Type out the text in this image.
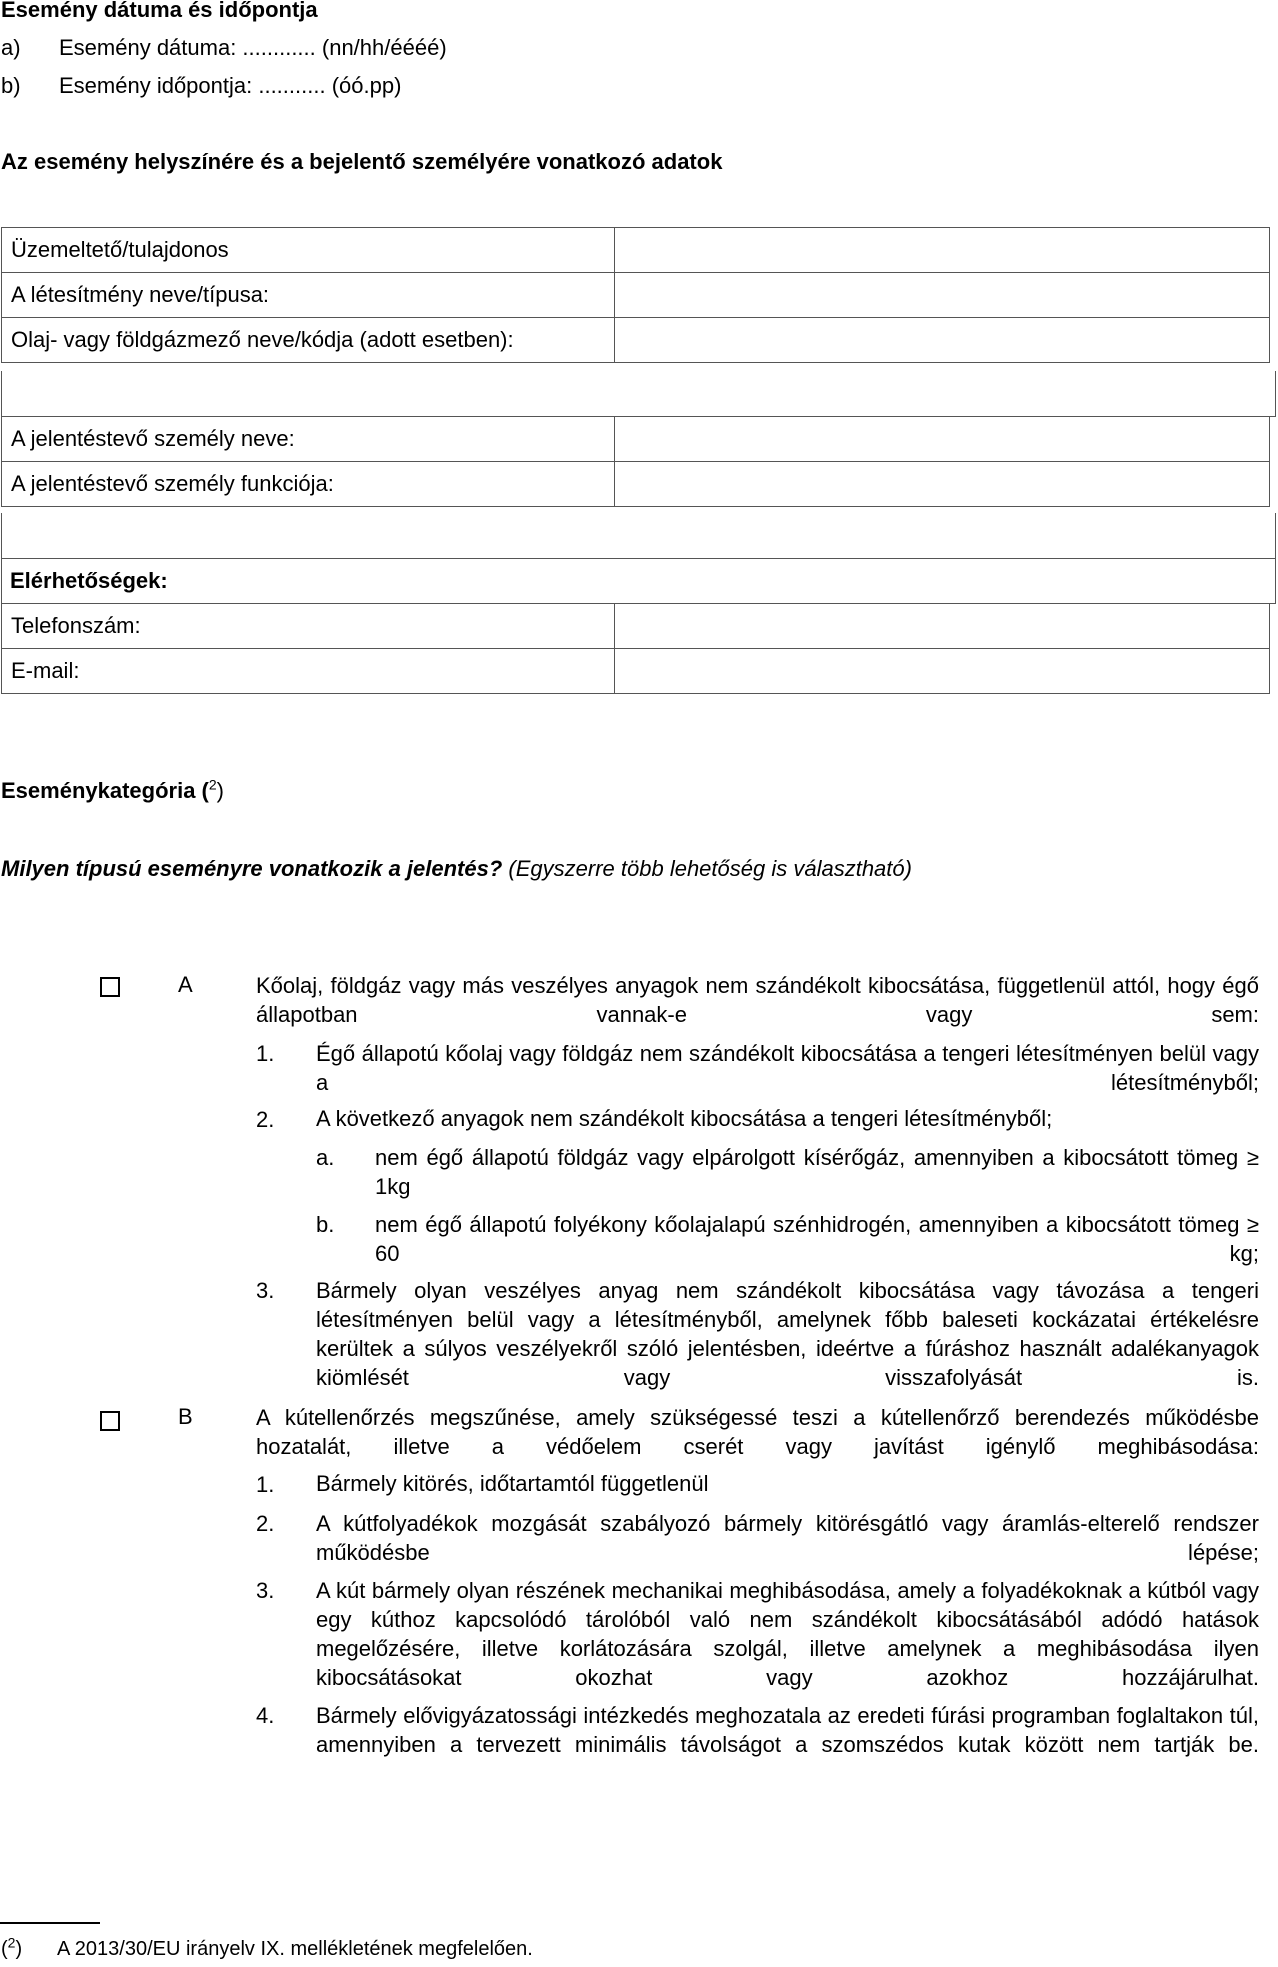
Esemény dátuma és időpontja
a) Esemény dátuma: ............ (nn/hh/éééé)
b) Esemény időpontja: ........... (óó.pp)
Az esemény helyszínére és a bejelentő személyére vonatkozó adatok
Üzemeltető/tulajdonos	
A létesítmény neve/típusa:	
Olaj- vagy földgázmező neve/kódja (adott esetben):	
A jelentéstevő személy neve:	
A jelentéstevő személy funkciója:	
Elérhetőségek:
Telefonszám:	
E-mail:	
Eseménykategória ($^2$)
Milyen típusú eseményre vonatkozik a jelentés? (Egyszerre több lehetőség is választható)
A	Kőolaj, földgáz vagy más veszélyes anyagok nem szándékolt kibocsátása, függetlenül attól, hogy égő állapotban vannak-e vagy sem:
1. Égő állapotú kőolaj vagy földgáz nem szándékolt kibocsátása a tengeri létesítményen belül vagy a létesítményből;
2. A következő anyagok nem szándékolt kibocsátása a tengeri létesítményből;
a. nem égő állapotú földgáz vagy elpárolgott kísérőgáz, amennyiben a kibocsátott tömeg ≥ 1kg
b. nem égő állapotú folyékony kőolajalapú szénhidrogén, amennyiben a kibocsátott tömeg ≥ 60 kg;
3. Bármely olyan veszélyes anyag nem szándékolt kibocsátása vagy távozása a tengeri létesítményen belül vagy a létesítményből, amelynek főbb baleseti kockázatai értékelésre kerültek a súlyos veszélyekről szóló jelentésben, ideértve a fúráshoz használt adalékanyagok kiömlését vagy visszafolyását is.
B	A kútellenőrzés megszűnése, amely szükségessé teszi a kútellenőrző berendezés működésbe hozatalát, illetve a védőelem cserét vagy javítást igénylő meghibásodása:
1. Bármely kitörés, időtartamtól függetlenül
2. A kútfolyadékok mozgását szabályozó bármely kitörésgátló vagy áramlás-elterelő rendszer működésbe lépése;
3. A kút bármely olyan részének mechanikai meghibásodása, amely a folyadékoknak a kútból vagy egy kúthoz kapcsolódó tárolóból való nem szándékolt kibocsátásából adódó hatások megelőzésére, illetve korlátozására szolgál, illetve amelynek a meghibásodása ilyen kibocsátásokat okozhat vagy azokhoz hozzájárulhat.
4. Bármely elővigyázatossági intézkedés meghozatala az eredeti fúrási programban foglaltakon túl, amennyiben a tervezett minimális távolságot a szomszédos kutak között nem tartják be.
($^2$) A 2013/30/EU irányelv IX. mellékletének megfelelően.
